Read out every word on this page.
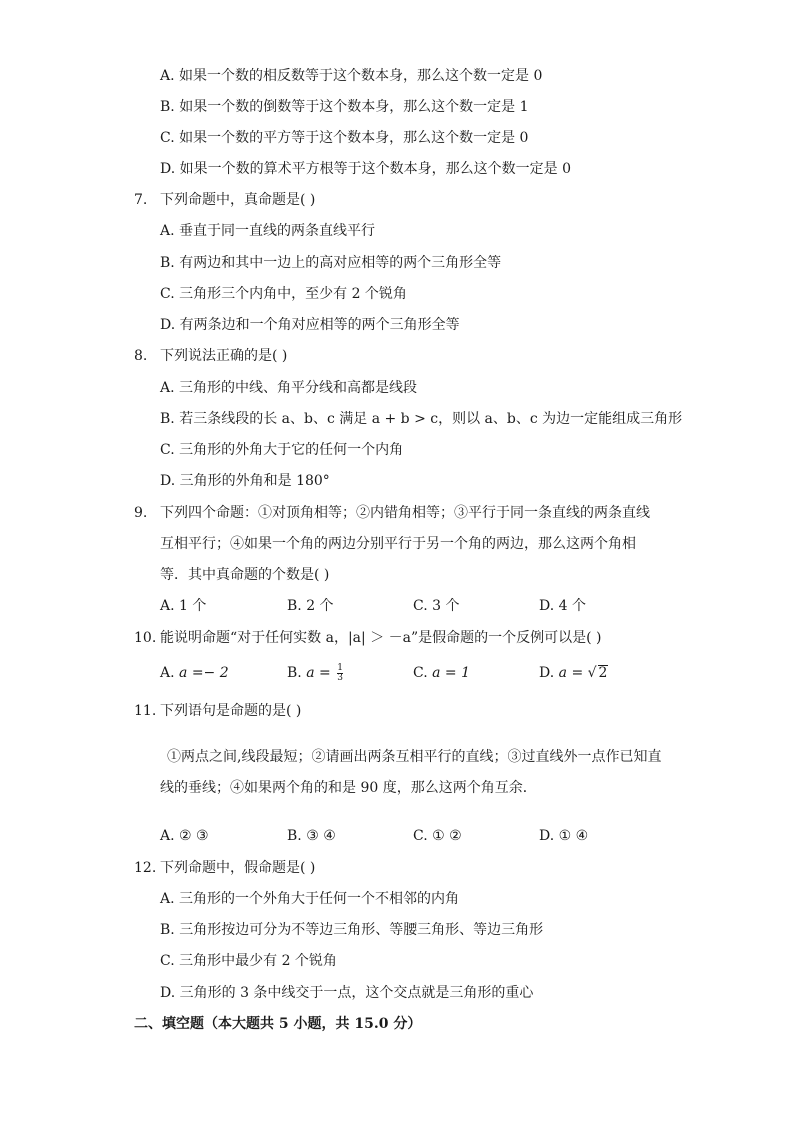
A. 如果一个数的相反数等于这个数本身，那么这个数一定是 0
B. 如果一个数的倒数等于这个数本身，那么这个数一定是 1
C. 如果一个数的平方等于这个数本身，那么这个数一定是 0
D. 如果一个数的算术平方根等于这个数本身，那么这个数一定是 0
7. 下列命题中，真命题是( )
A. 垂直于同一直线的两条直线平行
B. 有两边和其中一边上的高对应相等的两个三角形全等
C. 三角形三个内角中，至少有 2 个锐角
D. 有两条边和一个角对应相等的两个三角形全等
8. 下列说法正确的是( )
A. 三角形的中线、角平分线和高都是线段
B. 若三条线段的长 a、b、c 满足 a + b > c，则以 a、b、c 为边一定能组成三角形
C. 三角形的外角大于它的任何一个内角
D. 三角形的外角和是 180°
9. 下列四个命题：①对顶角相等；②内错角相等；③平行于同一条直线的两条直线
互相平行；④如果一个角的两边分别平行于另一个角的两边，那么这两个角相
等．其中真命题的个数是( )
A. 1 个	B. 2 个	C. 3 个	D. 4 个
10. 能说明命题“对于任何实数 a，|a| ＞ －a”是假命题的一个反例可以是( )
A. a =− 2	B. $a = \frac{1}{3}$	C. a = 1	D. a = √ 2
11. 下列语句是命题的是( )
①两点之间,线段最短；②请画出两条互相平行的直线；③过直线外一点作已知直
线的垂线；④如果两个角的和是 90 度，那么这两个角互余．
A. ② ③	B. ③ ④	C. ① ②	D. ① ④
12. 下列命题中，假命题是( )
A. 三角形的一个外角大于任何一个不相邻的内角
B. 三角形按边可分为不等边三角形、等腰三角形、等边三角形
C. 三角形中最少有 2 个锐角
D. 三角形的 3 条中线交于一点，这个交点就是三角形的重心
二、填空题（本大题共 5 小题，共 15.0 分）
